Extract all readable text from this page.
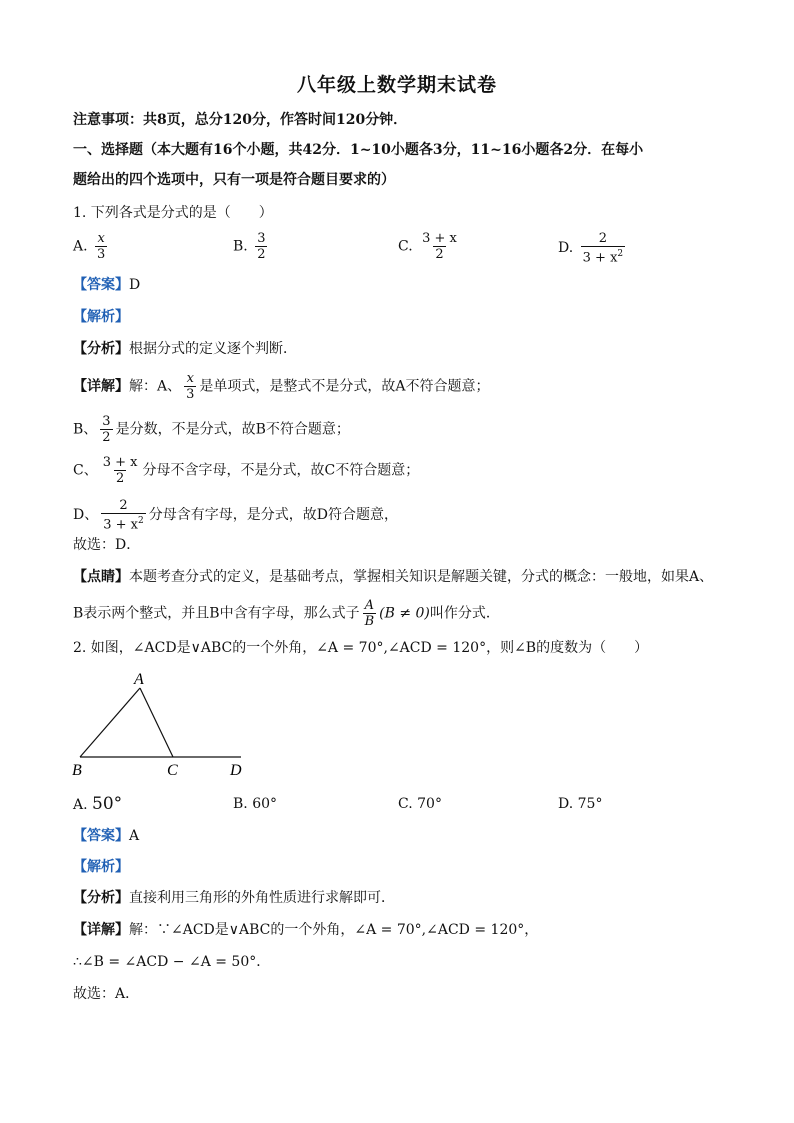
八年级上数学期末试卷
注意事项：共8页，总分120分，作答时间120分钟．
一、选择题（本大题有16个小题，共42分．1~10小题各3分，11~16小题各2分．在每小
题给出的四个选项中，只有一项是符合题目要求的）
1. 下列各式是分式的是（　　）
A. $\frac{x}{3}$	B. $\frac{3}{2}$	C. $\frac{3 + x}{2}$	D. $\frac{2}{3 + x^2}$
【答案】D
【解析】
【分析】根据分式的定义逐个判断．
【详解】解：A、 $\frac{x}{3}$ 是单项式，是整式不是分式，故A不符合题意；
B、 $\frac{3}{2}$ 是分数，不是分式，故B不符合题意；
C、 $\frac{3 + x}{2}$ 分母不含字母，不是分式，故C不符合题意；
D、 $\frac{2}{3 + x^2}$ 分母含有字母，是分式，故D符合题意，
故选：D．
【点睛】本题考查分式的定义，是基础考点，掌握相关知识是解题关键，分式的概念：一般地，如果A、
B表示两个整式，并且B中含有字母，那么式子 $\frac{A}{B} (B \ne 0)$叫作分式．
2. 如图，∠ACD是∨ABC的一个外角，∠A = 70°,∠ACD = 120°，则∠B的度数为（　　）
A
B	C	D
A. 50°	B. 60°	C. 70°	D. 75°
【答案】A
【解析】
【分析】直接利用三角形的外角性质进行求解即可．
【详解】解：∵∠ACD是∨ABC的一个外角，∠A = 70°,∠ACD = 120°，
∴∠B = ∠ACD − ∠A = 50°．
故选：A．
